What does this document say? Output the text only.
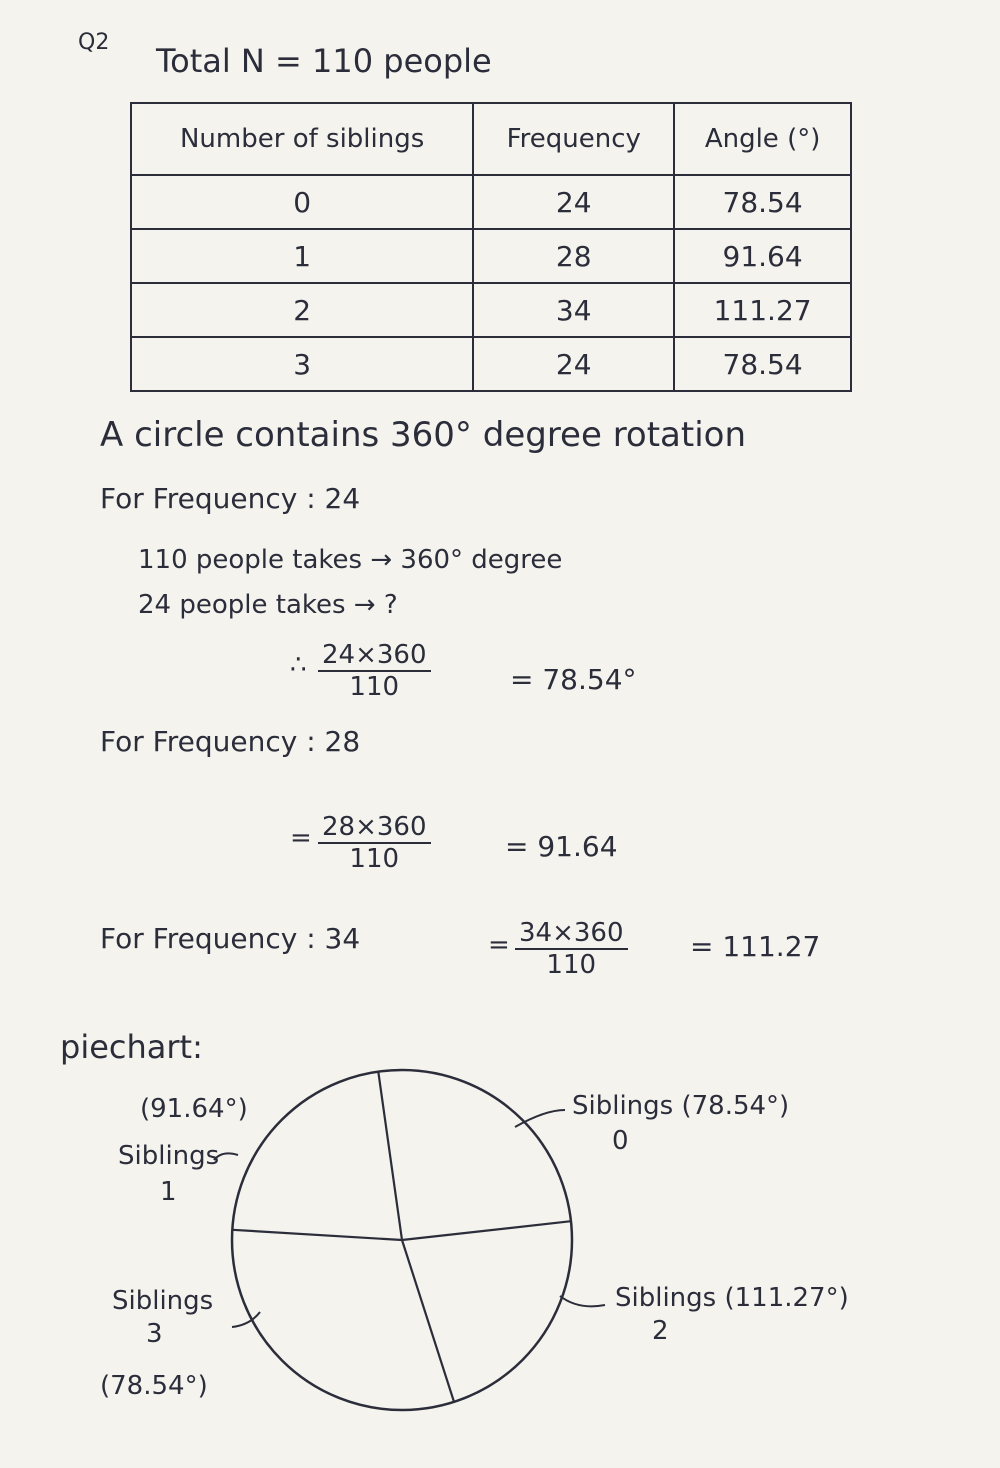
Q2 Total N = 110 people
Number of siblings	Frequency	Angle (°)
0	24	78.54
1	28	91.64
2	34	111.27
3	24	78.54
A circle contains 360° degree rotation
For Frequency : 24
110 people takes → 360° degree
24 people takes → ?
∴ $\frac{24\times 360}{110}$	= 78.54°
For Frequency : 28
= $\frac{28\times 360}{110}$	= 91.64
For Frequency : 34	= $\frac{34\times 360}{110} = 111.27$
piechart:
(91.64°)
Siblings
1
Siblings (78.54°)
0
Siblings
3
(78.54°)
Siblings (111.27°)
2
